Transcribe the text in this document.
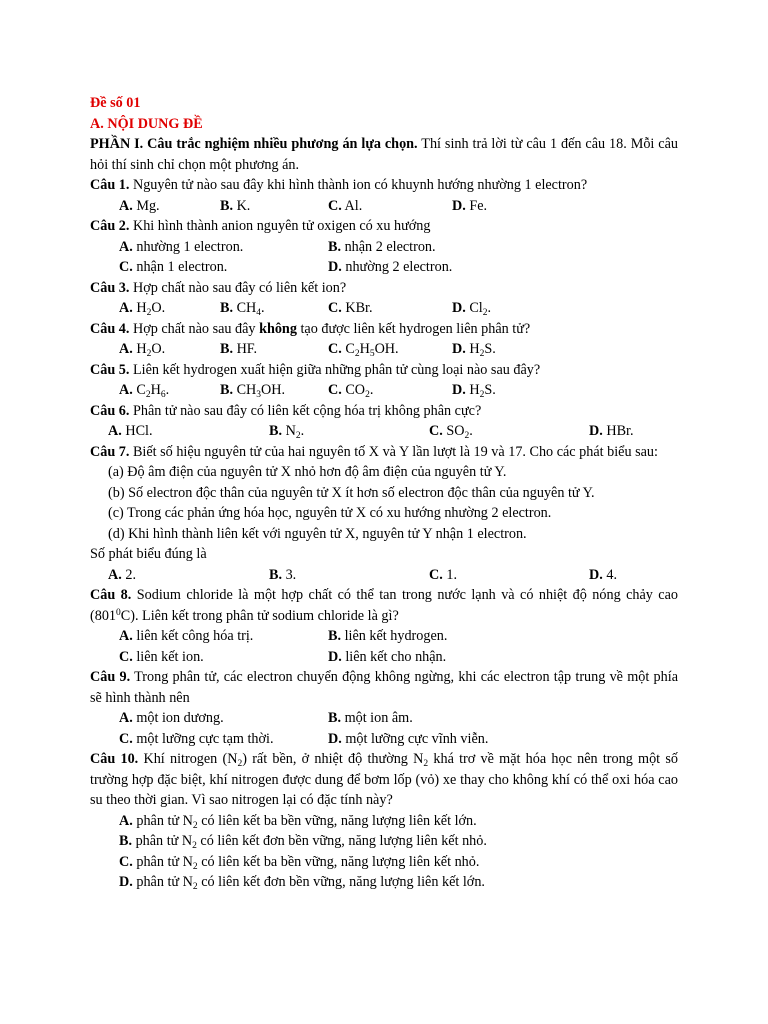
Đề số 01
A. NỘI DUNG ĐỀ
PHẦN I. Câu trắc nghiệm nhiều phương án lựa chọn. Thí sinh trả lời từ câu 1 đến câu 18. Mỗi câu hỏi thí sinh chỉ chọn một phương án.
Câu 1. Nguyên tử nào sau đây khi hình thành ion có khuynh hướng nhường 1 electron?
A. Mg.	B. K.	C. Al.	D. Fe.
Câu 2. Khi hình thành anion nguyên tử oxigen có xu hướng
A. nhường 1 electron.	B. nhận 2 electron.
C. nhận 1 electron.	D. nhường 2 electron.
Câu 3. Hợp chất nào sau đây có liên kết ion?
A. $H_2O$.	B. $CH_4$.	C. KBr.	D. $Cl_2$.
Câu 4. Hợp chất nào sau đây không tạo được liên kết hydrogen liên phân tử?
A. $H_2O$.	B. HF.	C. $C_2H_5OH$.	D. $H_2S$.
Câu 5. Liên kết hydrogen xuất hiện giữa những phân tử cùng loại nào sau đây?
A. $C_2H_6$.	B. $CH_3OH$.	C. $CO_2$.	D. $H_2S$.
Câu 6. Phân tử nào sau đây có liên kết cộng hóa trị không phân cực?
A. HCl.	B. $N_2$.	C. $SO_2$.	D. HBr.
Câu 7. Biết số hiệu nguyên tử của hai nguyên tố X và Y lần lượt là 19 và 17. Cho các phát biểu sau:
(a) Độ âm điện của nguyên tử X nhỏ hơn độ âm điện của nguyên tử Y.
(b) Số electron độc thân của nguyên tử X ít hơn số electron độc thân của nguyên tử Y.
(c) Trong các phản ứng hóa học, nguyên tử X có xu hướng nhường 2 electron.
(d) Khi hình thành liên kết với nguyên tử X, nguyên tử Y nhận 1 electron.
Số phát biểu đúng là
A. 2.	B. 3.	C. 1.	D. 4.
Câu 8. Sodium chloride là một hợp chất có thể tan trong nước lạnh và có nhiệt độ nóng chảy cao $(801^0C)$. Liên kết trong phân tử sodium chloride là gì?
A. liên kết công hóa trị.	B. liên kết hydrogen.
C. liên kết ion.	D. liên kết cho nhận.
Câu 9. Trong phân tử, các electron chuyển động không ngừng, khi các electron tập trung về một phía sẽ hình thành nên
A. một ion dương.	B. một ion âm.
C. một lưỡng cực tạm thời.	D. một lưỡng cực vĩnh viễn.
Câu 10. Khí nitrogen $(N_2)$ rất bền, ở nhiệt độ thường $N_2$ khá trơ về mặt hóa học nên trong một số trường hợp đặc biệt, khí nitrogen được dung để bơm lốp (vỏ) xe thay cho không khí có thể oxi hóa cao su theo thời gian. Vì sao nitrogen lại có đặc tính này?
A. phân tử $N_2$ có liên kết ba bền vững, năng lượng liên kết lớn.
B. phân tử $N_2$ có liên kết đơn bền vững, năng lượng liên kết nhỏ.
C. phân tử $N_2$ có liên kết ba bền vững, năng lượng liên kết nhỏ.
D. phân tử $N_2$ có liên kết đơn bền vững, năng lượng liên kết lớn.
